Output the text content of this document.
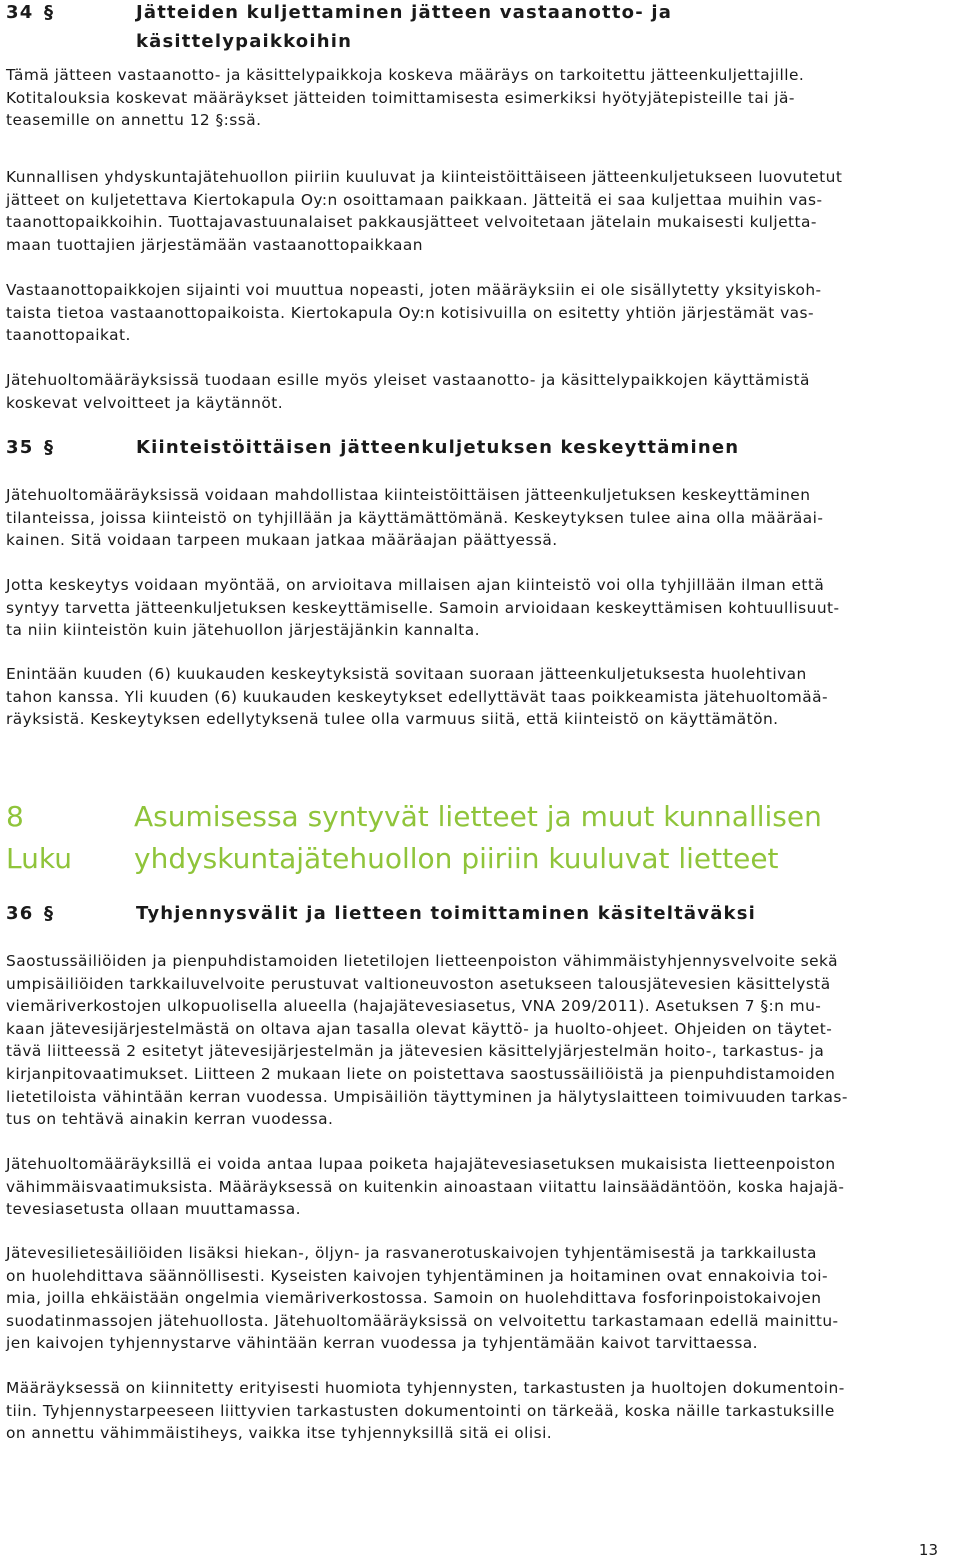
34 §	Jätteiden kuljettaminen jätteen vastaanotto- ja
käsittelypaikkoihin

Tämä jätteen vastaanotto- ja käsittelypaikkoja koskeva määräys on tarkoitettu jätteenkuljettajille.
Kotitalouksia koskevat määräykset jätteiden toimittamisesta esimerkiksi hyötyjätepisteille tai jä-
teasemille on annettu 12 §:ssä.

Kunnallisen yhdyskuntajätehuollon piiriin kuuluvat ja kiinteistöittäiseen jätteenkuljetukseen luovutetut
jätteet on kuljetettava Kiertokapula Oy:n osoittamaan paikkaan. Jätteitä ei saa kuljettaa muihin vas-
taanottopaikkoihin. Tuottajavastuunalaiset pakkausjätteet velvoitetaan jätelain mukaisesti kuljetta-
maan tuottajien järjestämään vastaanottopaikkaan

Vastaanottopaikkojen sijainti voi muuttua nopeasti, joten määräyksiin ei ole sisällytetty yksityiskoh-
taista tietoa vastaanottopaikoista. Kiertokapula Oy:n kotisivuilla on esitetty yhtiön järjestämät vas-
taanottopaikat.

Jätehuoltomääräyksissä tuodaan esille myös yleiset vastaanotto- ja käsittelypaikkojen käyttämistä
koskevat velvoitteet ja käytännöt.

35 §	Kiinteistöittäisen jätteenkuljetuksen keskeyttäminen

Jätehuoltomääräyksissä voidaan mahdollistaa kiinteistöittäisen jätteenkuljetuksen keskeyttäminen
tilanteissa, joissa kiinteistö on tyhjillään ja käyttämättömänä. Keskeytyksen tulee aina olla määräai-
kainen. Sitä voidaan tarpeen mukaan jatkaa määräajan päättyessä.

Jotta keskeytys voidaan myöntää, on arvioitava millaisen ajan kiinteistö voi olla tyhjillään ilman että
syntyy tarvetta jätteenkuljetuksen keskeyttämiselle. Samoin arvioidaan keskeyttämisen kohtuullisuut-
ta niin kiinteistön kuin jätehuollon järjestäjänkin kannalta.

Enintään kuuden (6) kuukauden keskeytyksistä sovitaan suoraan jätteenkuljetuksesta huolehtivan
tahon kanssa. Yli kuuden (6) kuukauden keskeytykset edellyttävät taas poikkeamista jätehuoltomää-
räyksistä. Keskeytyksen edellytyksenä tulee olla varmuus siitä, että kiinteistö on käyttämätön.

8 Luku
Asumisessa syntyvät lietteet ja muut kunnallisen
yhdyskuntajätehuollon piiriin kuuluvat lietteet
36 §	Tyhjennysvälit ja lietteen toimittaminen käsiteltäväksi

Saostussäiliöiden ja pienpuhdistamoiden lietetilojen lietteenpoiston vähimmäistyhjennysvelvoite sekä
umpisäiliöiden tarkkailuvelvoite perustuvat valtioneuvoston asetukseen talousjätevesien käsittelystä
viemäriverkostojen ulkopuolisella alueella (hajajätevesiasetus, VNA 209/2011). Asetuksen 7 §:n mu-
kaan jätevesijärjestelmästä on oltava ajan tasalla olevat käyttö- ja huolto-ohjeet. Ohjeiden on täytet-
tävä liitteessä 2 esitetyt jätevesijärjestelmän ja jätevesien käsittelyjärjestelmän hoito-, tarkastus- ja
kirjanpitovaatimukset. Liitteen 2 mukaan liete on poistettava saostussäiliöistä ja pienpuhdistamoiden
lietetiloista vähintään kerran vuodessa. Umpisäiliön täyttyminen ja hälytyslaitteen toimivuuden tarkas-
tus on tehtävä ainakin kerran vuodessa.

Jätehuoltomääräyksillä ei voida antaa lupaa poiketa hajajätevesiasetuksen mukaisista lietteenpoiston
vähimmäisvaatimuksista. Määräyksessä on kuitenkin ainoastaan viitattu lainsäädäntöön, koska hajajä-
tevesiasetusta ollaan muuttamassa.

Jätevesilietesäiliöiden lisäksi hiekan-, öljyn- ja rasvanerotuskaivojen tyhjentämisestä ja tarkkailusta
on huolehdittava säännöllisesti. Kyseisten kaivojen tyhjentäminen ja hoitaminen ovat ennakoivia toi-
mia, joilla ehkäistään ongelmia viemäriverkostossa. Samoin on huolehdittava fosforinpoistokaivojen
suodatinmassojen jätehuollosta. Jätehuoltomääräyksissä on velvoitettu tarkastamaan edellä mainittu-
jen kaivojen tyhjennystarve vähintään kerran vuodessa ja tyhjentämään kaivot tarvittaessa.

Määräyksessä on kiinnitetty erityisesti huomiota tyhjennysten, tarkastusten ja huoltojen dokumentoin-
tiin. Tyhjennystarpeeseen liittyvien tarkastusten dokumentointi on tärkeää, koska näille tarkastuksille
on annettu vähimmäistiheys, vaikka itse tyhjennyksillä sitä ei olisi.

13
